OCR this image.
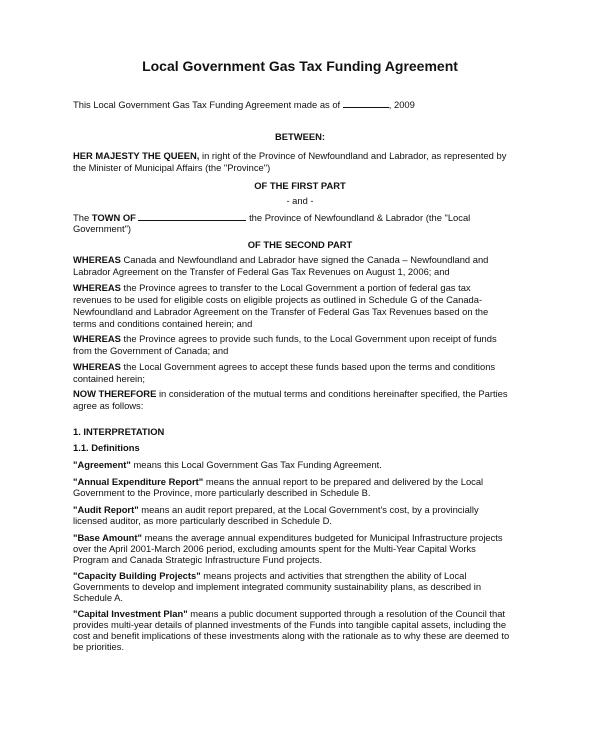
Local Government Gas Tax Funding Agreement
This Local Government Gas Tax Funding Agreement made as of	, 2009
BETWEEN:
HER MAJESTY THE QUEEN, in right of the Province of Newfoundland and Labrador, as represented by
the Minister of Municipal Affairs (the "Province")
OF THE FIRST PART
- and -
The TOWN OF	the Province of Newfoundland & Labrador (the "Local
Government")
OF THE SECOND PART
WHEREAS Canada and Newfoundland and Labrador have signed the Canada – Newfoundland and
Labrador Agreement on the Transfer of Federal Gas Tax Revenues on August 1, 2006; and
WHEREAS the Province agrees to transfer to the Local Government a portion of federal gas tax
revenues to be used for eligible costs on eligible projects as outlined in Schedule G of the Canada-
Newfoundland and Labrador Agreement on the Transfer of Federal Gas Tax Revenues based on the
terms and conditions contained herein; and
WHEREAS the Province agrees to provide such funds, to the Local Government upon receipt of funds
from the Government of Canada; and
WHEREAS the Local Government agrees to accept these funds based upon the terms and conditions
contained herein;
NOW THEREFORE in consideration of the mutual terms and conditions hereinafter specified, the Parties
agree as follows:
1. INTERPRETATION
1.1. Definitions
"Agreement" means this Local Government Gas Tax Funding Agreement.
"Annual Expenditure Report" means the annual report to be prepared and delivered by the Local
Government to the Province, more particularly described in Schedule B.
"Audit Report" means an audit report prepared, at the Local Government's cost, by a provincially
licensed auditor, as more particularly described in Schedule D.
"Base Amount" means the average annual expenditures budgeted for Municipal Infrastructure projects
over the April 2001-March 2006 period, excluding amounts spent for the Multi-Year Capital Works
Program and Canada Strategic Infrastructure Fund projects.
"Capacity Building Projects" means projects and activities that strengthen the ability of Local
Governments to develop and implement integrated community sustainability plans, as described in
Schedule A.
"Capital Investment Plan" means a public document supported through a resolution of the Council that
provides multi-year details of planned investments of the Funds into tangible capital assets, including the
cost and benefit implications of these investments along with the rationale as to why these are deemed to
be priorities.
